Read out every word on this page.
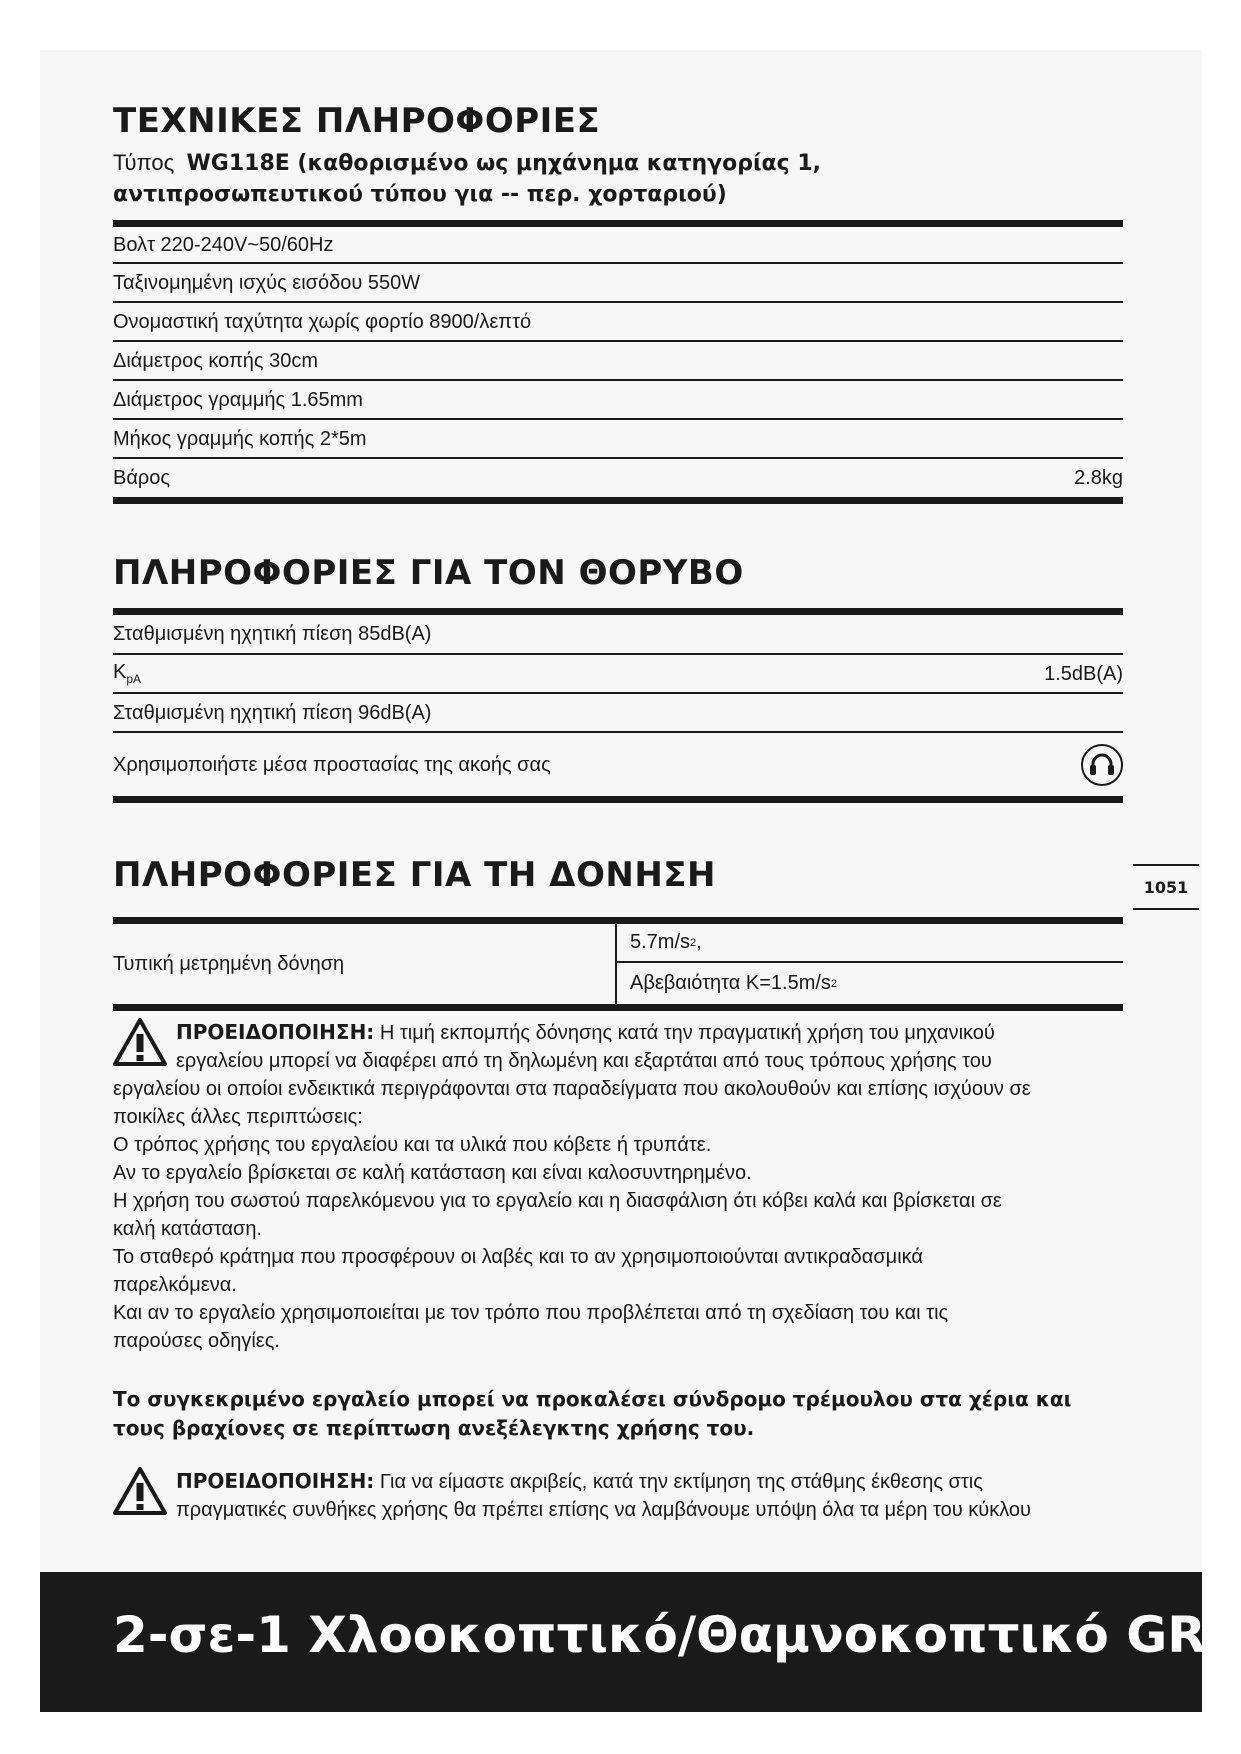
ΤΕΧΝΙΚΕΣ ΠΛΗΡΟΦΟΡΙΕΣ
Τύπος WG118E (καθορισμένο ως μηχάνημα κατηγορίας 1,
αντιπροσωπευτικού τύπου για -- περ. χορταριού)
Βολτ 220-240V~50/60Hz
Ταξινομημένη ισχύς εισόδου 550W
Ονομαστική ταχύτητα χωρίς φορτίο 8900/λεπτό
Διάμετρος κοπής 30cm
Διάμετρος γραμμής 1.65mm
Μήκος γραμμής κοπής 2*5m
Βάρος	2.8kg
ΠΛΗΡΟΦΟΡΙΕΣ ΓΙΑ ΤΟΝ ΘΟΡΥΒΟ
Σταθμισμένη ηχητική πίεση 85dB(A)
$K_{pA}$	1.5dB(A)
Σταθμισμένη ηχητική πίεση 96dB(A)
Χρησιμοποιήστε μέσα προστασίας της ακοής σας
1051
ΠΛΗΡΟΦΟΡΙΕΣ ΓΙΑ ΤΗ ΔΟΝΗΣΗ
Τυπική μετρημένη δόνηση
5.7m/s 2 ,
Αβεβαιότητα K=1.5m/s 2
ΠΡΟΕΙΔΟΠΟΙΗΣΗ: Η τιμή εκπομπής δόνησης κατά την πραγματική χρήση του μηχανικού
εργαλείου μπορεί να διαφέρει από τη δηλωμένη και εξαρτάται από τους τρόπους χρήσης του
εργαλείου οι οποίοι ενδεικτικά περιγράφονται στα παραδείγματα που ακολουθούν και επίσης ισχύουν σε
ποικίλες άλλες περιπτώσεις:
Ο τρόπος χρήσης του εργαλείου και τα υλικά που κόβετε ή τρυπάτε.
Αν το εργαλείο βρίσκεται σε καλή κατάσταση και είναι καλοσυντηρημένο.
Η χρήση του σωστού παρελκόμενου για το εργαλείο και η διασφάλιση ότι κόβει καλά και βρίσκεται σε
καλή κατάσταση.
Το σταθερό κράτημα που προσφέρουν οι λαβές και το αν χρησιμοποιούνται αντικραδασμικά
παρελκόμενα.
Και αν το εργαλείο χρησιμοποιείται με τον τρόπο που προβλέπεται από τη σχεδίαση του και τις
παρούσες οδηγίες.
Το συγκεκριμένο εργαλείο μπορεί να προκαλέσει σύνδρομο τρέμουλου στα χέρια και
τους βραχίονες σε περίπτωση ανεξέλεγκτης χρήσης του.
ΠΡΟΕΙΔΟΠΟΙΗΣΗ: Για να είμαστε ακριβείς, κατά την εκτίμηση της στάθμης έκθεσης στις
πραγματικές συνθήκες χρήσης θα πρέπει επίσης να λαμβάνουμε υπόψη όλα τα μέρη του κύκλου
2-σε-1 Χλοοκοπτικό/Θαμνοκοπτικό GR
